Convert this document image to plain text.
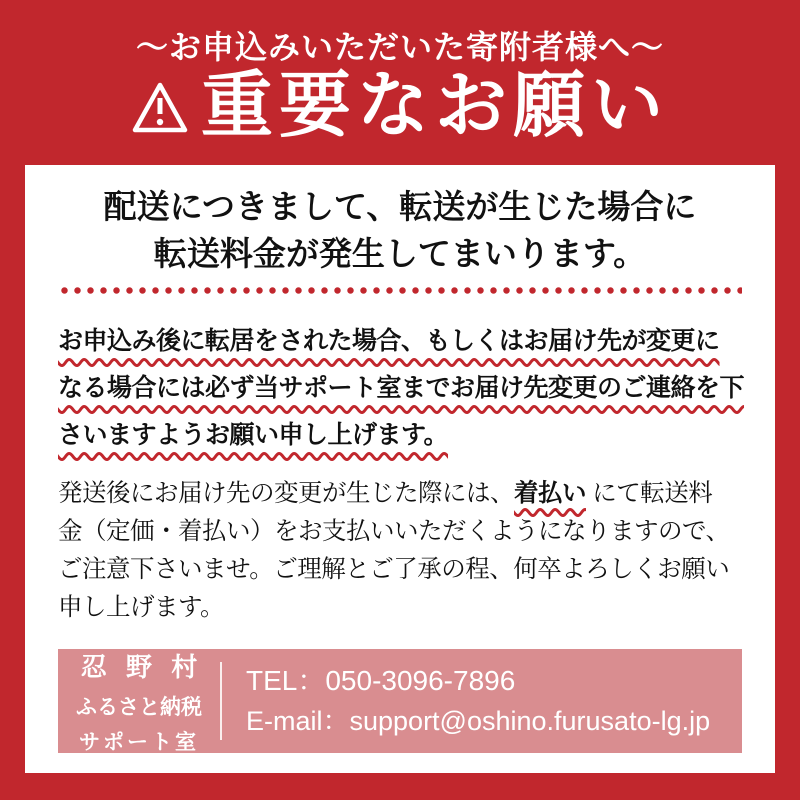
〜お申込みいただいた寄附者様へ〜
重要なお願い
配送につきまして、転送が生じた場合に
転送料金が発生してまいります。
お申込み後に転居をされた場合、もしくはお届け先が変更に
なる場合には必ず当サポート室までお届け先変更のご連絡を下
さいますようお願い申し上げます。
発送後にお届け先の変更が生じた際には、着払い にて転送料
金（定価・着払い）をお支払いいただくようになりますので、
ご注意下さいませ。ご理解とご了承の程、何卒よろしくお願い
申し上げます。
忍 野 村
ふるさと納税
サポート室
TEL：050-3096-7896
E-mail：support@oshino.furusato-lg.jp
